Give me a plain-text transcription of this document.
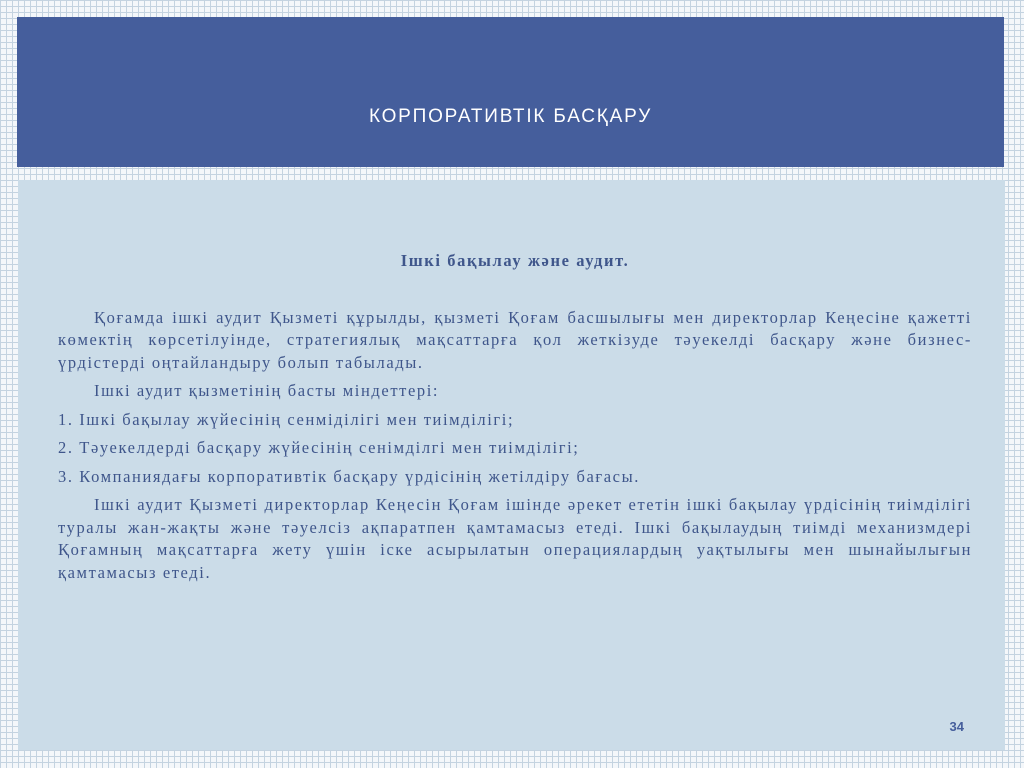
КОРПОРАТИВТІК БАСҚАРУ

Ішкі бақылау және аудит.

Қоғамда ішкі аудит Қызметі құрылды, қызметі Қоғам басшылығы мен директорлар Кеңесіне қажетті көмектің көрсетілуінде, стратегиялық мақсаттарға қол жеткізуде тәуекелді басқару және бизнес-үрдістерді оңтайландыру болып табылады.

Ішкі аудит қызметінің басты міндеттері:

1. Ішкі бақылау жүйесінің сенміділігі мен тиімділігі;

2. Тәуекелдерді басқару жүйесінің сенімділгі мен тиімділігі;

3. Компаниядағы корпоративтік басқару үрдісінің жетілдіру бағасы.

Ішкі аудит Қызметі директорлар Кеңесін Қоғам ішінде әрекет ететін ішкі бақылау үрдісінің тиімділігі туралы жан-жақты және тәуелсіз ақпаратпен қамтамасыз етеді. Ішкі бақылаудың тиімді механизмдері Қоғамның мақсаттарға жету үшін іске асырылатын операциялардың уақтылығы мен шынайылығын қамтамасыз етеді.

34
